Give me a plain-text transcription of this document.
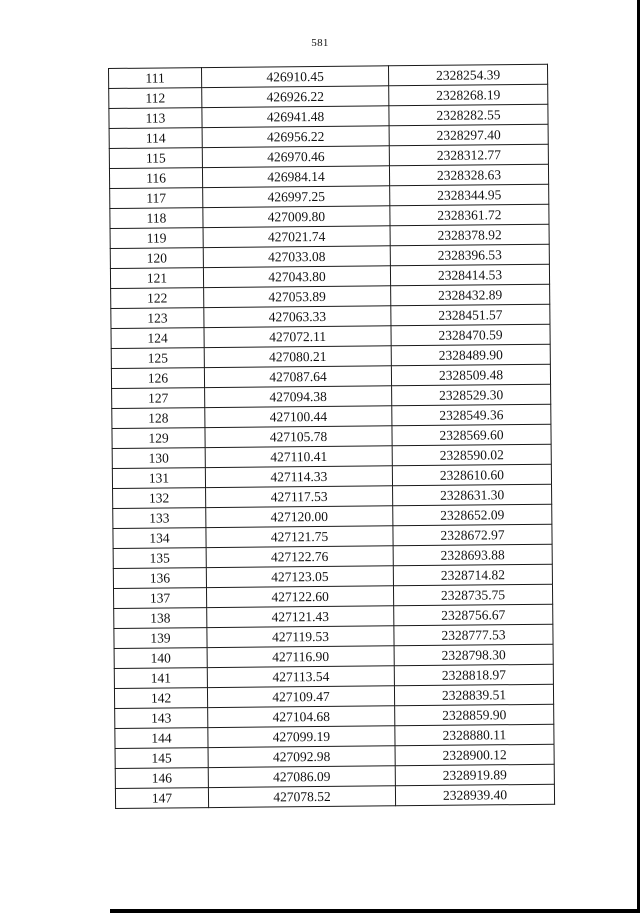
581
111	426910.45	2328254.39
112	426926.22	2328268.19
113	426941.48	2328282.55
114	426956.22	2328297.40
115	426970.46	2328312.77
116	426984.14	2328328.63
117	426997.25	2328344.95
118	427009.80	2328361.72
119	427021.74	2328378.92
120	427033.08	2328396.53
121	427043.80	2328414.53
122	427053.89	2328432.89
123	427063.33	2328451.57
124	427072.11	2328470.59
125	427080.21	2328489.90
126	427087.64	2328509.48
127	427094.38	2328529.30
128	427100.44	2328549.36
129	427105.78	2328569.60
130	427110.41	2328590.02
131	427114.33	2328610.60
132	427117.53	2328631.30
133	427120.00	2328652.09
134	427121.75	2328672.97
135	427122.76	2328693.88
136	427123.05	2328714.82
137	427122.60	2328735.75
138	427121.43	2328756.67
139	427119.53	2328777.53
140	427116.90	2328798.30
141	427113.54	2328818.97
142	427109.47	2328839.51
143	427104.68	2328859.90
144	427099.19	2328880.11
145	427092.98	2328900.12
146	427086.09	2328919.89
147	427078.52	2328939.40
